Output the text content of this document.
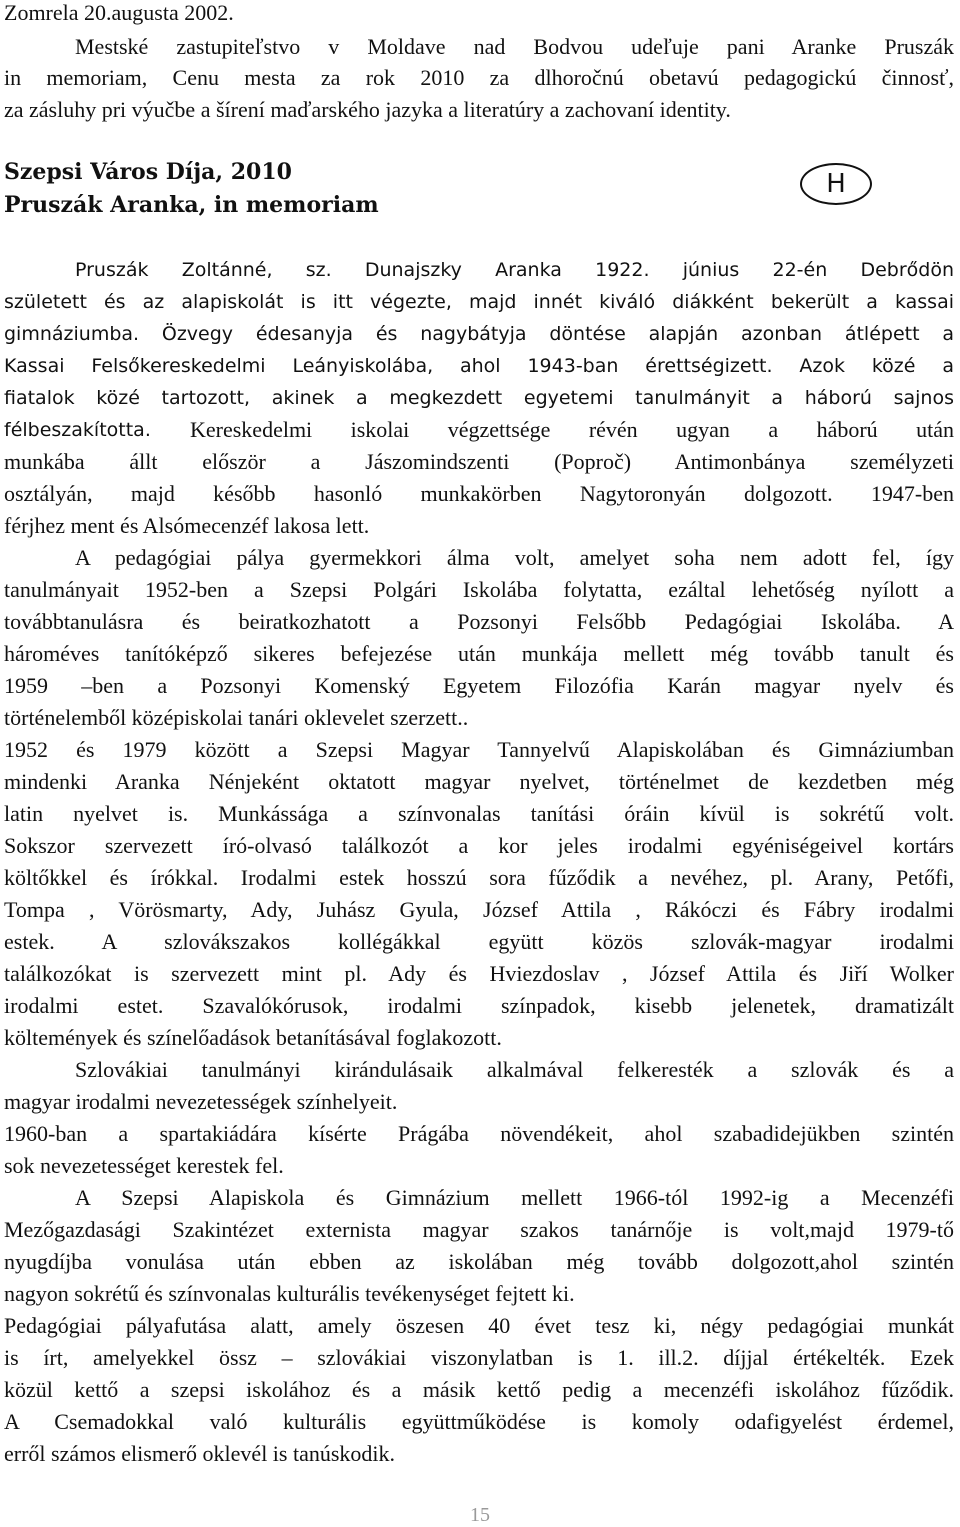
Zomrela 20.augusta 2002.
Mestské zastupiteľstvo v Moldave nad Bodvou udeľuje pani Aranke Pruszák
in memoriam, Cenu mesta za rok 2010 za dlhoročnú obetavú pedagogickú činnosť,
za zásluhy pri výučbe a šírení maďarského jazyka a literatúry a zachovaní identity.
Szepsi Város Díja, 2010
Pruszák Aranka, in memoriam
H
Pruszák Zoltánné, sz. Dunajszky Aranka 1922. június 22-én Debrődön
született és az alapiskolát is itt végezte, majd innét kiváló diákként bekerült a kassai
gimnáziumba. Özvegy édesanyja és nagybátyja döntése alapján azonban átlépett a
Kassai Felsőkereskedelmi Leányiskolába, ahol 1943-ban érettségizett. Azok közé a
fiatalok közé tartozott, akinek a megkezdett egyetemi tanulmányit a háború sajnos
félbeszakította.	Kereskedelmi iskolai végzettsége révén ugyan a háború után
munkába állt először a Jászomindszenti (Poproč) Antimonbánya személyzeti
osztályán, majd később hasonló munkakörben Nagytoronyán dolgozott. 1947-ben
férjhez ment és Alsómecenzéf lakosa lett.
A pedagógiai pálya gyermekkori álma volt, amelyet soha nem adott fel, így
tanulmányait 1952-ben a Szepsi Polgári Iskolába folytatta, ezáltal lehetőség nyílott a
továbbtanulásra és beiratkozhatott a Pozsonyi Felsőbb Pedagógiai Iskolába. A
hároméves tanítóképző sikeres befejezése után munkája mellett még tovább tanult és
1959 –ben a Pozsonyi Komenský Egyetem Filozófia Karán magyar nyelv és
történelemből középiskolai tanári oklevelet szerzett..
1952 és 1979 között a Szepsi Magyar Tannyelvű Alapiskolában és Gimnáziumban
mindenki Aranka Nénjeként oktatott magyar nyelvet, történelmet de kezdetben még
latin nyelvet is. Munkássága a színvonalas tanítási óráin kívül is sokrétű volt.
Sokszor szervezett író-olvasó találkozót a kor jeles irodalmi egyéniségeivel kortárs
költőkkel és írókkal. Irodalmi estek hosszú sora fűződik a nevéhez, pl. Arany, Petőfi,
Tompa , Vörösmarty, Ady, Juhász Gyula, József Attila , Rákóczi és Fábry irodalmi
estek. A szlovákszakos kollégákkal együtt közös szlovák-magyar irodalmi
találkozókat is szervezett mint pl. Ady és Hviezdoslav , József Attila és Jiří Wolker
irodalmi estet. Szavalókórusok, irodalmi színpadok, kisebb jelenetek, dramatizált
költemények és színelőadások betanításával foglakozott.
Szlovákiai tanulmányi kirándulásaik alkalmával felkeresték a szlovák és a
magyar irodalmi nevezetességek színhelyeit.
1960-ban a spartakiádára kísérte Prágába növendékeit, ahol szabadidejükben szintén
sok nevezetességet kerestek fel.
A Szepsi Alapiskola és Gimnázium mellett 1966-tól 1992-ig a Mecenzéfi
Mezőgazdasági Szakintézet externista magyar szakos tanárnője is volt,majd 1979-tő
nyugdíjba vonulása után ebben az iskolában még tovább dolgozott,ahol szintén
nagyon sokrétű és színvonalas kulturális tevékenységet fejtett ki.
Pedagógiai pályafutása alatt, amely öszesen 40 évet tesz ki, négy pedagógiai munkát
is írt, amelyekkel össz – szlovákiai viszonylatban is 1. ill.2. díjjal értékelték. Ezek
közül kettő a szepsi iskolához és a másik kettő pedig a mecenzéfi iskolához fűződik.
A Csemadokkal való kulturális együttműködése is komoly odafigyelést érdemel,
erről számos elismerő oklevél is tanúskodik.
15
